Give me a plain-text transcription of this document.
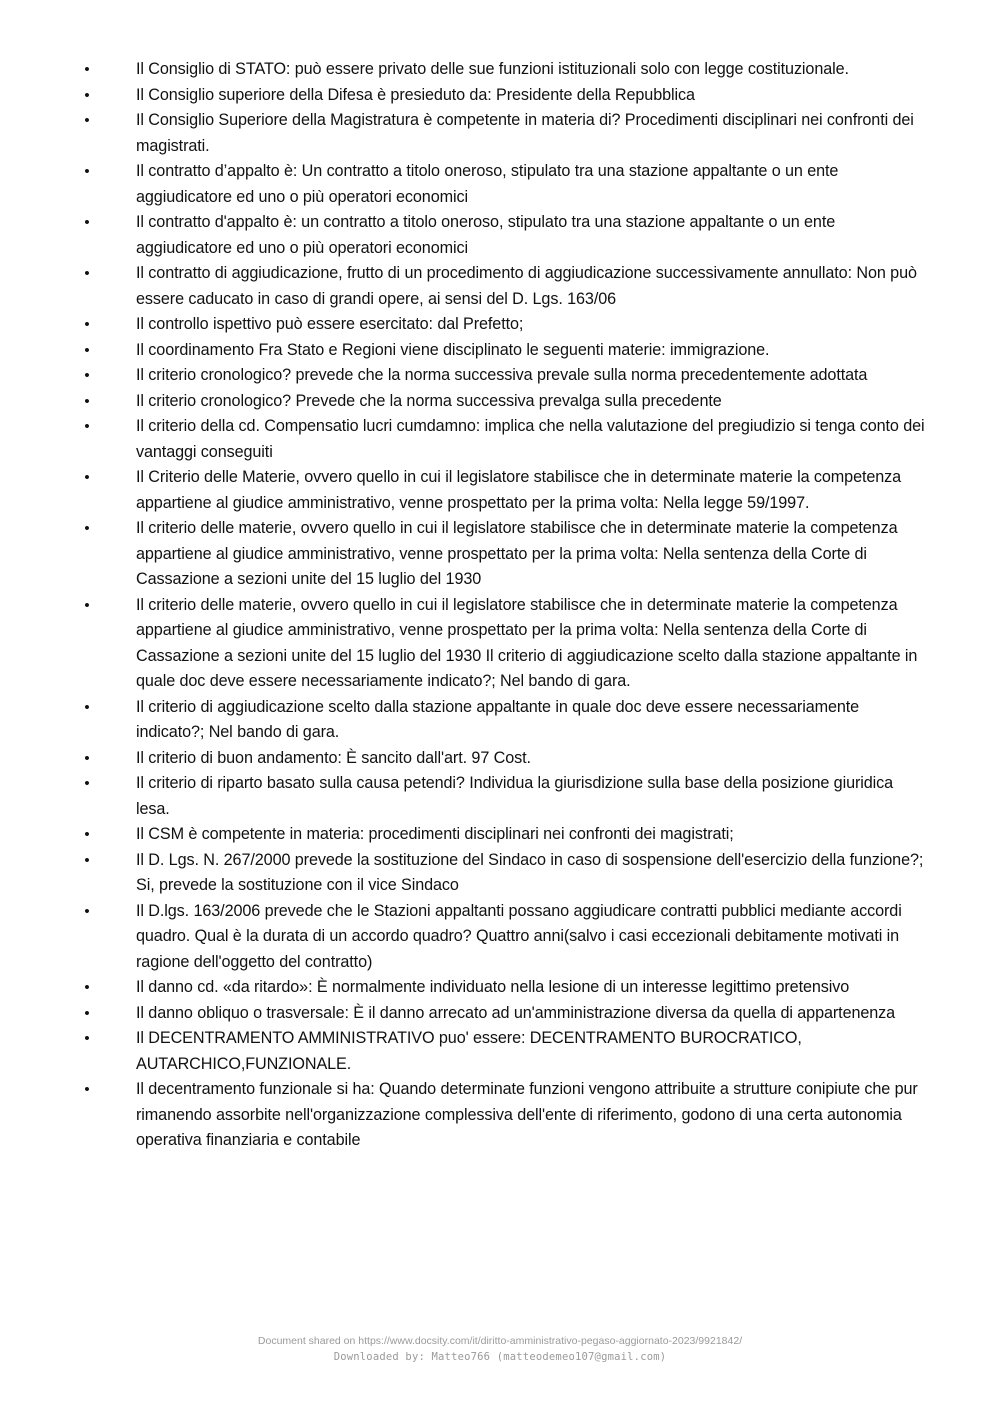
•	Il Consiglio di STATO: può essere privato delle sue funzioni istituzionali solo con legge costituzionale.
•	Il Consiglio superiore della Difesa è presieduto da: Presidente della Repubblica
•	Il Consiglio Superiore della Magistratura è competente in materia di? Procedimenti disciplinari nei confronti dei magistrati.
•	Il contratto d’appalto è: Un contratto a titolo oneroso, stipulato tra una stazione appaltante o un ente aggiudicatore ed uno o più operatori economici
•	Il contratto d'appalto è: un contratto a titolo oneroso, stipulato tra una stazione appaltante o un ente aggiudicatore ed uno o più operatori economici
•	Il contratto di aggiudicazione, frutto di un procedimento di aggiudicazione successivamente annullato: Non può essere caducato in caso di grandi opere, ai sensi del D. Lgs. 163/06
•	Il controllo ispettivo può essere esercitato: dal Prefetto;
•	Il coordinamento Fra Stato e Regioni viene disciplinato le seguenti materie: immigrazione.
•	Il criterio cronologico? prevede che la norma successiva prevale sulla norma precedentemente adottata
•	Il criterio cronologico? Prevede che la norma successiva prevalga sulla precedente
•	Il criterio della cd. Compensatio lucri cumdamno: implica che nella valutazione del pregiudizio si tenga conto dei vantaggi conseguiti
•	Il Criterio delle Materie, ovvero quello in cui il legislatore stabilisce che in determinate materie la competenza appartiene al giudice amministrativo, venne prospettato per la prima volta: Nella legge 59/1997.
•	Il criterio delle materie, ovvero quello in cui il legislatore stabilisce che in determinate materie la competenza appartiene al giudice amministrativo, venne prospettato per la prima volta: Nella sentenza della Corte di Cassazione a sezioni unite del 15 luglio del 1930
•	Il criterio delle materie, ovvero quello in cui il legislatore stabilisce che in determinate materie la competenza appartiene al giudice amministrativo, venne prospettato per la prima volta: Nella sentenza della Corte di Cassazione a sezioni unite del 15 luglio del 1930 Il criterio di aggiudicazione scelto dalla stazione appaltante in quale doc deve essere necessariamente indicato?; Nel bando di gara.
•	Il criterio di aggiudicazione scelto dalla stazione appaltante in quale doc deve essere necessariamente indicato?; Nel bando di gara.
•	Il criterio di buon andamento: È sancito dall'art. 97 Cost.
•	Il criterio di riparto basato sulla causa petendi? Individua la giurisdizione sulla base della posizione giuridica lesa.
•	Il CSM è competente in materia: procedimenti disciplinari nei confronti dei magistrati;
•	Il D. Lgs. N. 267/2000 prevede la sostituzione del Sindaco in caso di sospensione dell'esercizio della funzione?; Si, prevede la sostituzione con il vice Sindaco
•	Il D.lgs. 163/2006 prevede che le Stazioni appaltanti possano aggiudicare contratti pubblici mediante accordi quadro. Qual è la durata di un accordo quadro? Quattro anni(salvo i casi eccezionali debitamente motivati in ragione dell'oggetto del contratto)
•	Il danno cd. «da ritardo»: È normalmente individuato nella lesione di un interesse legittimo pretensivo
•	Il danno obliquo o trasversale: È il danno arrecato ad un'amministrazione diversa da quella di appartenenza
•	Il DECENTRAMENTO AMMINISTRATIVO puo' essere: DECENTRAMENTO BUROCRATICO, AUTARCHICO,FUNZIONALE.
•	Il decentramento funzionale si ha: Quando determinate funzioni vengono attribuite a strutture conipiute che pur rimanendo assorbite nell'organizzazione complessiva dell'ente di riferimento, godono di una certa autonomia operativa finanziaria e contabile
Document shared on https://www.docsity.com/it/diritto-amministrativo-pegaso-aggiornato-2023/9921842/
Downloaded by: Matteo766 (matteodemeo107@gmail.com)
